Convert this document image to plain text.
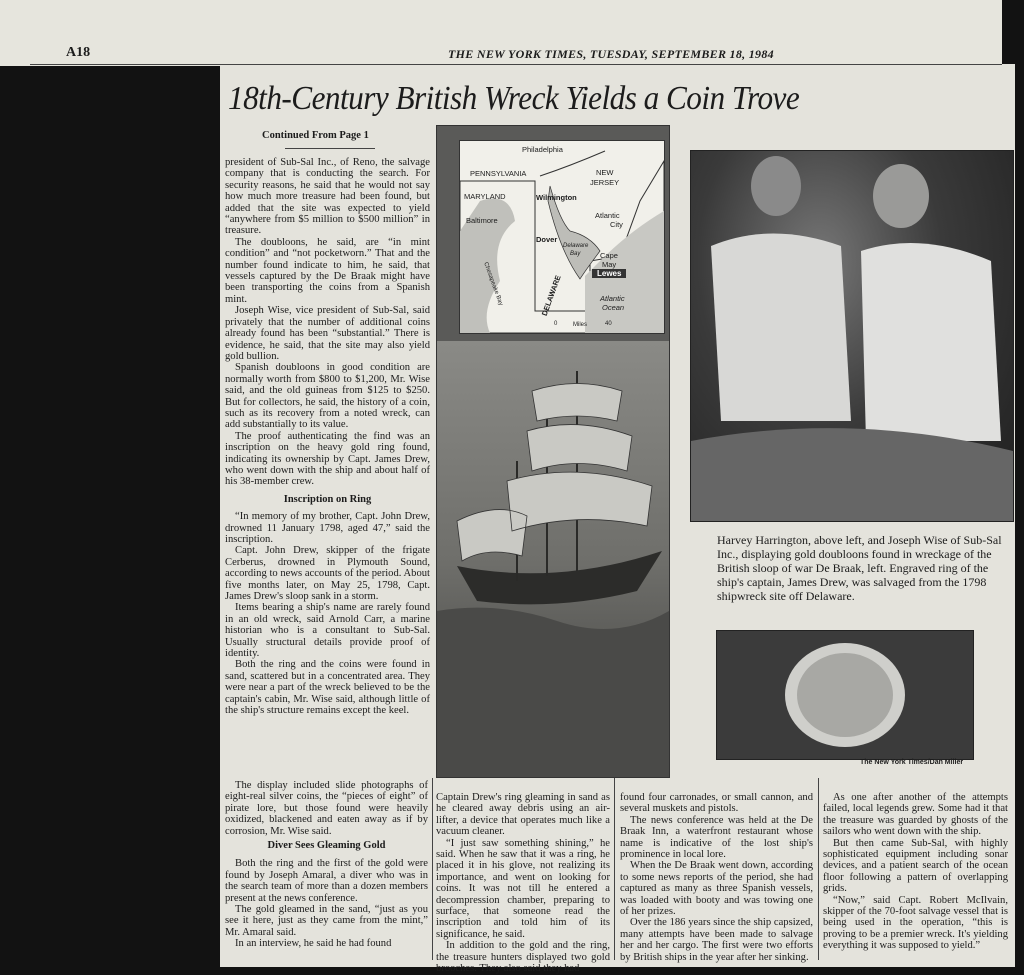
A18	THE NEW YORK TIMES, TUESDAY, SEPTEMBER 18, 1984
18th-Century British Wreck Yields a Coin Trove
Continued From Page 1

president of Sub-Sal Inc., of Reno, the salvage company that is conducting the search. For security reasons, he said that he would not say how much more treasure had been found, but added that the site was expected to yield “anywhere from $5 million to $500 million” in treasure.

The doubloons, he said, are “in mint condition” and “not pocketworn.” That and the number found indicate to him, he said, that vessels captured by the De Braak might have been transporting the coins from a Spanish mint.

Joseph Wise, vice president of Sub-Sal, said privately that the number of additional coins already found has been “substantial.” There is evidence, he said, that the site may also yield gold bullion.

Spanish doubloons in good condition are normally worth from $800 to $1,200, Mr. Wise said, and the old guineas from $125 to $250. But for collectors, he said, the history of a coin, such as its recovery from a noted wreck, can add substantially to its value.

The proof authenticating the find was an inscription on the heavy gold ring found, indicating its ownership by Capt. James Drew, who went down with the ship and about half of his 38-member crew.

Inscription on Ring

“In memory of my brother, Capt. John Drew, drowned 11 January 1798, aged 47,” said the inscription.

Capt. John Drew, skipper of the frigate Cerberus, drowned in Plymouth Sound, according to news accounts of the period. About five months later, on May 25, 1798, Capt. James Drew's sloop sank in a storm.

Items bearing a ship's name are rarely found in an old wreck, said Arnold Carr, a marine historian who is a consultant to Sub-Sal. Usually structural details provide proof of identity.

Both the ring and the coins were found in sand, scattered but in a concentrated area. They were near a part of the wreck believed to be the captain's cabin, Mr. Wise said, although little of the ship's structure remains except the keel.

Philadelphia
PENNSYLVANIA	NEW
JERSEY
MARYLAND	Wilmington
Baltimore
Atlantic
City
Dover
Delaware
Bay	Cape
May
Lewes
DELAWARE
Chesapeake Bay	Atlantic
Ocean
0	Miles	40
Harvey Harrington, above left, and Joseph Wise of Sub-Sal Inc., displaying gold doubloons found in wreckage of the British sloop of war De Braak, left. Engraved ring of the ship's captain, James Drew, was salvaged from the 1798 shipwreck site off Delaware.
The New York Times/Dan Miller

The display included slide photographs of eight-real silver coins, the “pieces of eight” of pirate lore, but those found were heavily oxidized, blackened and eaten away as if by corrosion, Mr. Wise said.

Diver Sees Gleaming Gold

Both the ring and the first of the gold were found by Joseph Amaral, a diver who was in the search team of more than a dozen members present at the news conference.

The gold gleamed in the sand, “just as you see it here, just as they came from the mint,” Mr. Amaral said.

In an interview, he said he had found

Captain Drew's ring gleaming in sand as he cleared away debris using an air-lifter, a device that operates much like a vacuum cleaner.

“I just saw something shining,” he said. When he saw that it was a ring, he placed it in his glove, not realizing its importance, and went on looking for coins. It was not till he entered a decompression chamber, preparing to surface, that someone read the inscription and told him of its significance, he said.

In addition to the gold and the ring, the treasure hunters displayed two gold brooches. They also said they had

found four carronades, or small cannon, and several muskets and pistols.

The news conference was held at the De Braak Inn, a waterfront restaurant whose name is indicative of the lost ship's prominence in local lore.

When the De Braak went down, according to some news reports of the period, she had captured as many as three Spanish vessels, was loaded with booty and was towing one of her prizes.

Over the 186 years since the ship capsized, many attempts have been made to salvage her and her cargo. The first were two efforts by British ships in the year after her sinking.

As one after another of the attempts failed, local legends grew. Some had it that the treasure was guarded by ghosts of the sailors who went down with the ship.

But then came Sub-Sal, with highly sophisticated equipment including sonar devices, and a patient search of the ocean floor following a pattern of overlapping grids.

“Now,” said Capt. Robert McIlvain, skipper of the 70-foot salvage vessel that is being used in the operation, “this is proving to be a premier wreck. It's yielding everything it was supposed to yield.”
